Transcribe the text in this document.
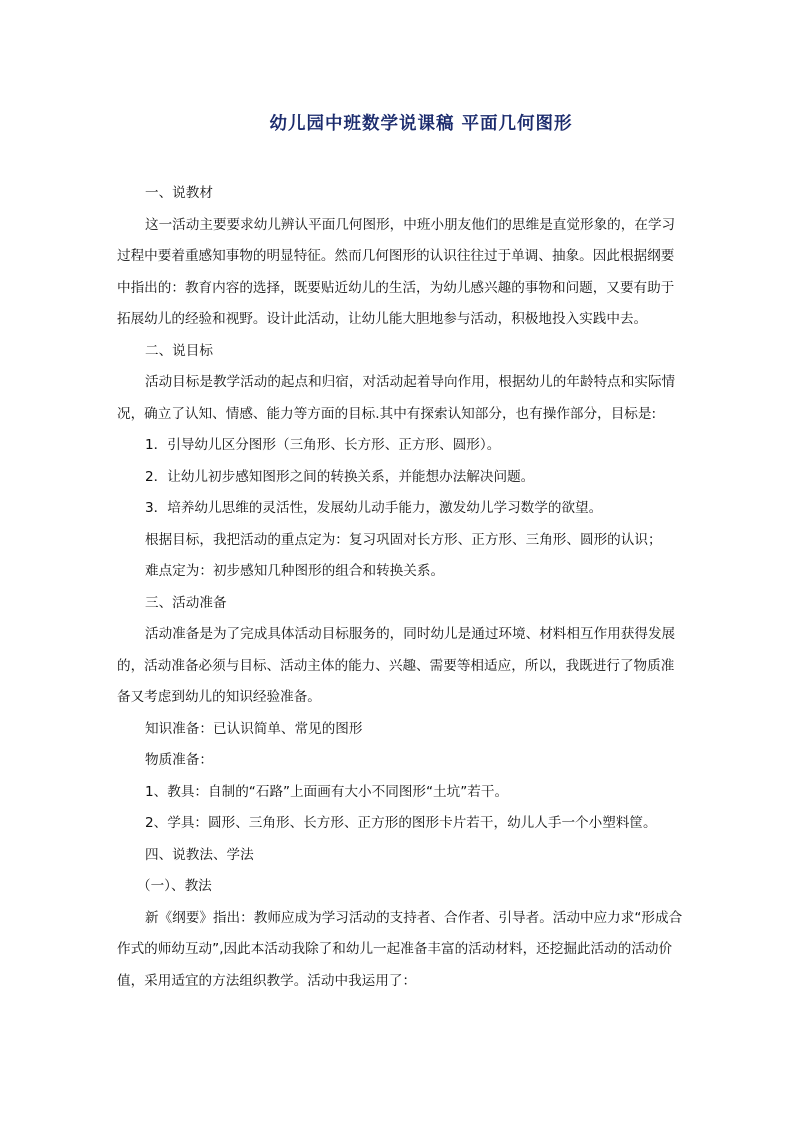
幼儿园中班数学说课稿 平面几何图形

一、说教材

这一活动主要要求幼儿辨认平面几何图形，中班小朋友他们的思维是直觉形象的，在学习过程中要着重感知事物的明显特征。然而几何图形的认识往往过于单调、抽象。因此根据纲要中指出的：教育内容的选择，既要贴近幼儿的生活，为幼儿感兴趣的事物和问题，又要有助于拓展幼儿的经验和视野。设计此活动，让幼儿能大胆地参与活动，积极地投入实践中去。

二、说目标

活动目标是教学活动的起点和归宿，对活动起着导向作用，根据幼儿的年龄特点和实际情况，确立了认知、情感、能力等方面的目标.其中有探索认知部分，也有操作部分，目标是:

1．引导幼儿区分图形（三角形、长方形、正方形、圆形）。

2．让幼儿初步感知图形之间的转换关系，并能想办法解决问题。

3．培养幼儿思维的灵活性，发展幼儿动手能力，激发幼儿学习数学的欲望。

根据目标，我把活动的重点定为：复习巩固对长方形、正方形、三角形、圆形的认识；

难点定为：初步感知几种图形的组合和转换关系。

三、活动准备

活动准备是为了完成具体活动目标服务的，同时幼儿是通过环境、材料相互作用获得发展的，活动准备必须与目标、活动主体的能力、兴趣、需要等相适应，所以，我既进行了物质准备又考虑到幼儿的知识经验准备。

知识准备：已认识简单、常见的图形

物质准备：

1、教具：自制的“石路”上面画有大小不同图形“土坑”若干。

2、学具：圆形、三角形、长方形、正方形的图形卡片若干，幼儿人手一个小塑料筐。

四、说教法、学法

（一）、教法

新《纲要》指出：教师应成为学习活动的支持者、合作者、引导者。活动中应力求“形成合作式的师幼互动”,因此本活动我除了和幼儿一起准备丰富的活动材料，还挖掘此活动的活动价值，采用适宜的方法组织教学。活动中我运用了：
